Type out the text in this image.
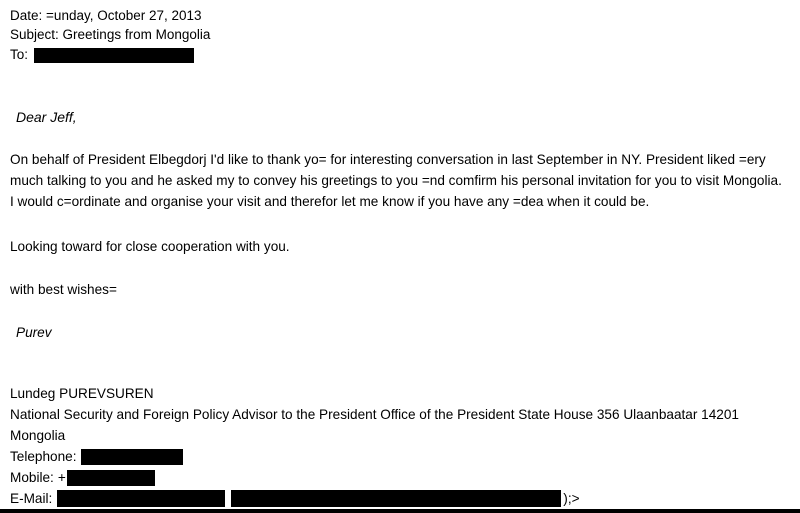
Date: =unday, October 27, 2013
Subject: Greetings from Mongolia
To:
Dear Jeff,
On behalf of President Elbegdorj I'd like to thank yo= for interesting conversation in last September in NY. President liked =ery much talking to you and he asked my to convey his greetings to you =nd comfirm his personal invitation for you to visit Mongolia. I would c=ordinate and organise your visit and therefor let me know if you have any =dea when it could be.
Looking toward for close cooperation with you.
with best wishes=
Purev
Lundeg PUREVSUREN
National Security and Foreign Policy Advisor to the President Office of the President State House 356 Ulaanbaatar 14201
Mongolia
Telephone:
Mobile: +
E-Mail:	);>
